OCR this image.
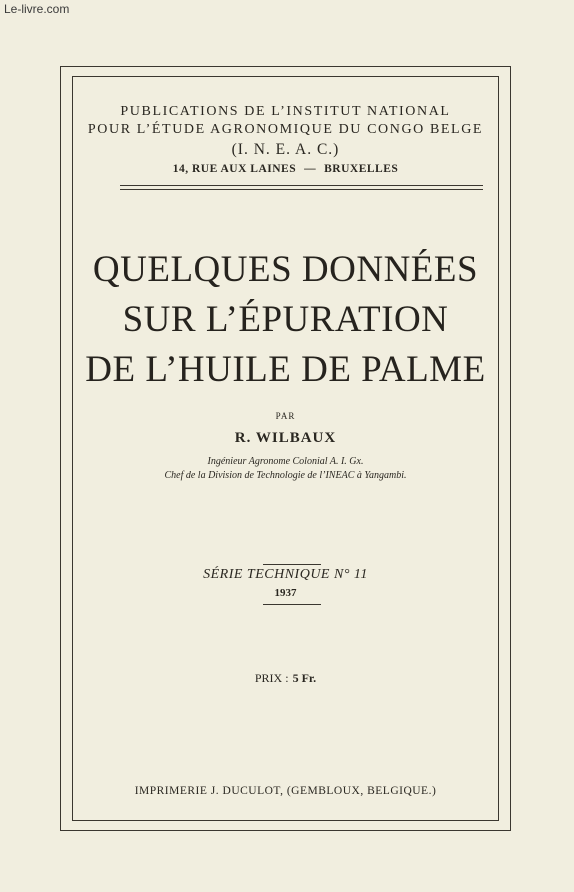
Le-livre.com
PUBLICATIONS DE L’INSTITUT NATIONAL
POUR L’ÉTUDE AGRONOMIQUE DU CONGO BELGE
(I. N. E. A. C.)
14, RUE AUX LAINES — BRUXELLES
QUELQUES DONNÉES
SUR L’ÉPURATION
DE L’HUILE DE PALME
PAR
R. WILBAUX
Ingénieur Agronome Colonial A. I. Gx.
Chef de la Division de Technologie de l’INEAC à Yangambi.
SÉRIE TECHNIQUE N° 11
1937
PRIX : 5 Fr.
IMPRIMERIE J. DUCULOT, (GEMBLOUX, BELGIQUE.)
